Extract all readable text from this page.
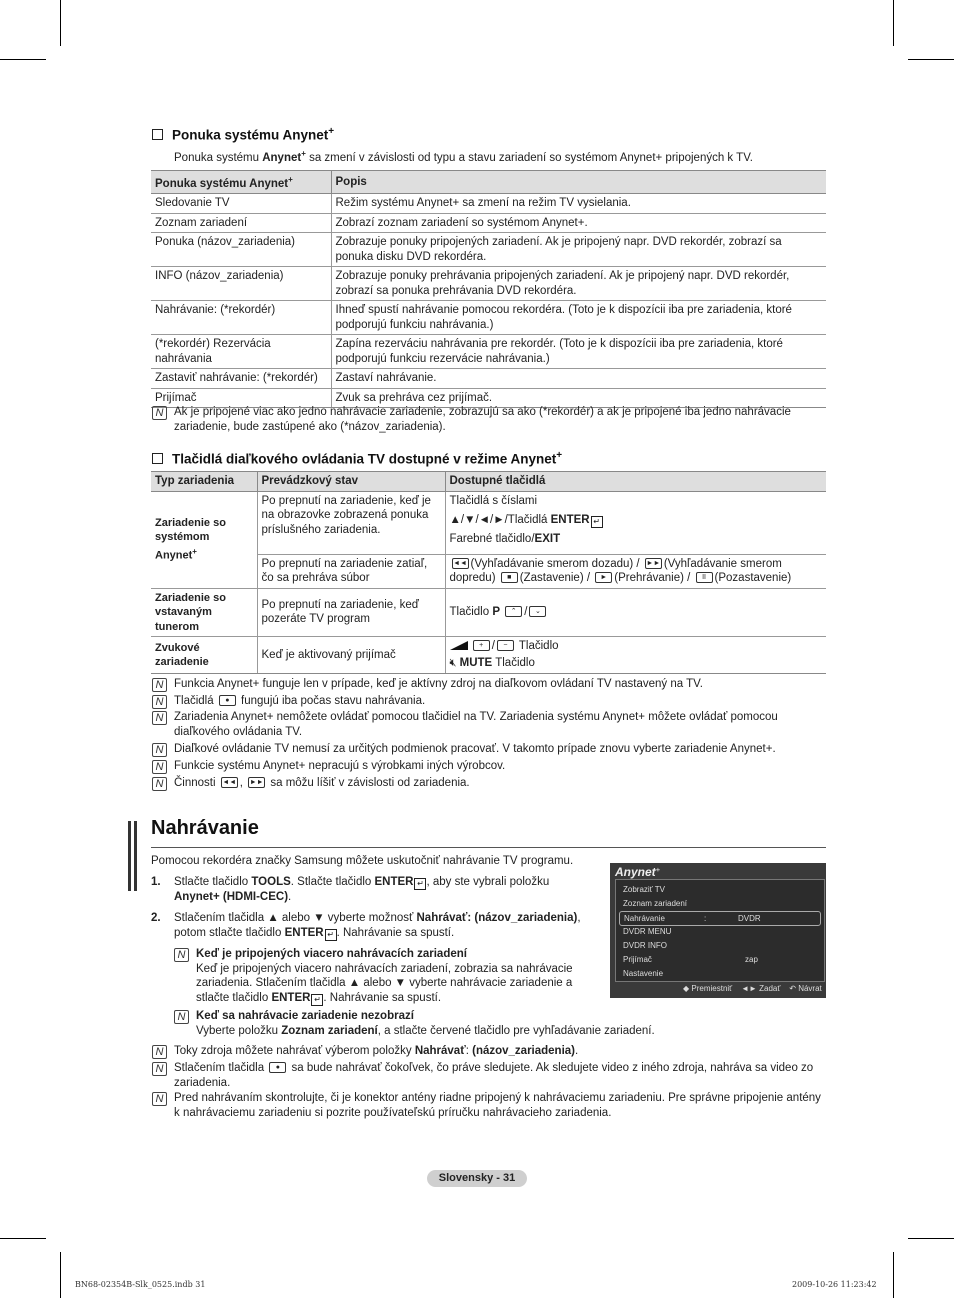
Ponuka systému Anynet+
Ponuka systému Anynet+ sa zmení v závislosti od typu a stavu zariadení so systémom Anynet+ pripojených k TV.
Ponuka systému Anynet+	Popis
Sledovanie TV	Režim systému Anynet+ sa zmení na režim TV vysielania.
Zoznam zariadení	Zobrazí zoznam zariadení so systémom Anynet+.
Ponuka (názov_zariadenia)	Zobrazuje ponuky pripojených zariadení. Ak je pripojený napr. DVD rekordér, zobrazí sa ponuka disku DVD rekordéra.
INFO (názov_zariadenia)	Zobrazuje ponuky prehrávania pripojených zariadení. Ak je pripojený napr. DVD rekordér, zobrazí sa ponuka prehrávania DVD rekordéra.
Nahrávanie: (*rekordér)	Ihneď spustí nahrávanie pomocou rekordéra. (Toto je k dispozícii iba pre zariadenia, ktoré podporujú funkciu nahrávania.)
(*rekordér) Rezervácia nahrávania	Zapína rezerváciu nahrávania pre rekordér. (Toto je k dispozícii iba pre zariadenia, ktoré podporujú funkciu rezervácie nahrávania.)
Zastaviť nahrávanie: (*rekordér)	Zastaví nahrávanie.
Prijímač	Zvuk sa prehráva cez prijímač.
N Ak je pripojené viac ako jedno nahrávacie zariadenie, zobrazujú sa ako (*rekordér) a ak je pripojené iba jedno nahrávacie zariadenie, bude zastúpené ako (*názov_zariadenia).
Tlačidlá diaľkového ovládania TV dostupné v režime Anynet+
Typ zariadenia	Prevádzkový stav	Dostupné tlačidlá
Zariadenie so systémom Anynet+	Po prepnutí na zariadenie, keď je na obrazovke zobrazená ponuka príslušného zariadenia.	Tlačidlá s číslami
▲/▼/◄/►/Tlačidlá ENTER ↵
Farebné tlačidlo/EXIT

	Po prepnutí na zariadenie zatiaľ, čo sa prehráva súbor	◄◄ (Vyhľadávanie smerom dozadu) / ►► (Vyhľadávanie smerom
dopredu) ■ (Zastavenie) / ► (Prehrávanie) / II (Pozastavenie)
Zariadenie so vstavaným tunerom	Po prepnutí na zariadenie, keď pozeráte TV program	Tlačidlo P ⌃ / ⌄
Zvukové zariadenie	Keď je aktivovaný prijímač	+ / − Tlačidlo
🔇︎ MUTE Tlačidlo
N Funkcia Anynet+ funguje len v prípade, keď je aktívny zdroj na diaľkovom ovládaní TV nastavený na TV.
N Tlačidlá ● fungujú iba počas stavu nahrávania.
N Zariadenia Anynet+ nemôžete ovládať pomocou tlačidiel na TV. Zariadenia systému Anynet+ môžete ovládať pomocou diaľkového ovládania TV.
N Diaľkové ovládanie TV nemusí za určitých podmienok pracovať. V takomto prípade znovu vyberte zariadenie Anynet+.
N Funkcie systému Anynet+ nepracujú s výrobkami iných výrobcov.
N Činnosti ◄◄ , ►► sa môžu líšiť v závislosti od zariadenia.
Nahrávanie
Pomocou rekordéra značky Samsung môžete uskutočniť nahrávanie TV programu.
1. Stlačte tlačidlo TOOLS. Stlačte tlačidlo ENTER ↵ , aby ste vybrali položku
Anynet+ (HDMI-CEC).
2. Stlačením tlačidla ▲ alebo ▼ vyberte možnosť Nahrávať: (názov_zariadenia),
potom stlačte tlačidlo ENTER ↵ . Nahrávanie sa spustí.
N Keď je pripojených viacero nahrávacích zariadení
Keď je pripojených viacero nahrávacích zariadení, zobrazia sa nahrávacie
zariadenia. Stlačením tlačidla ▲ alebo ▼ vyberte nahrávacie zariadenie a
stlačte tlačidlo ENTER ↵ . Nahrávanie sa spustí.
N Keď sa nahrávacie zariadenie nezobrazí
Vyberte položku Zoznam zariadení, a stlačte červené tlačidlo pre vyhľadávanie zariadení.
N Toky zdroja môžete nahrávať výberom položky Nahrávať: (názov_zariadenia).
N Stlačením tlačidla ● sa bude nahrávať čokoľvek, čo práve sledujete. Ak sledujete video z iného zdroja, nahráva sa video zo zariadenia.
N Pred nahrávaním skontrolujte, či je konektor antény riadne pripojený k nahrávaciemu zariadeniu. Pre správne pripojenie antény k nahrávaciemu zariadeniu si pozrite používateľskú príručku nahrávacieho zariadenia.
Anynet+
Zobraziť TV
Zoznam zariadení
Nahrávanie	:	DVDR
DVDR MENU
DVDR INFO
Prijímač	zap
Nastavenie
◆ Premiestniť ◄► Zadať ↶ Návrat
Slovensky - 31
BN68-02354B-Slk_0525.indb 31	2009-10-26 11:23:42
